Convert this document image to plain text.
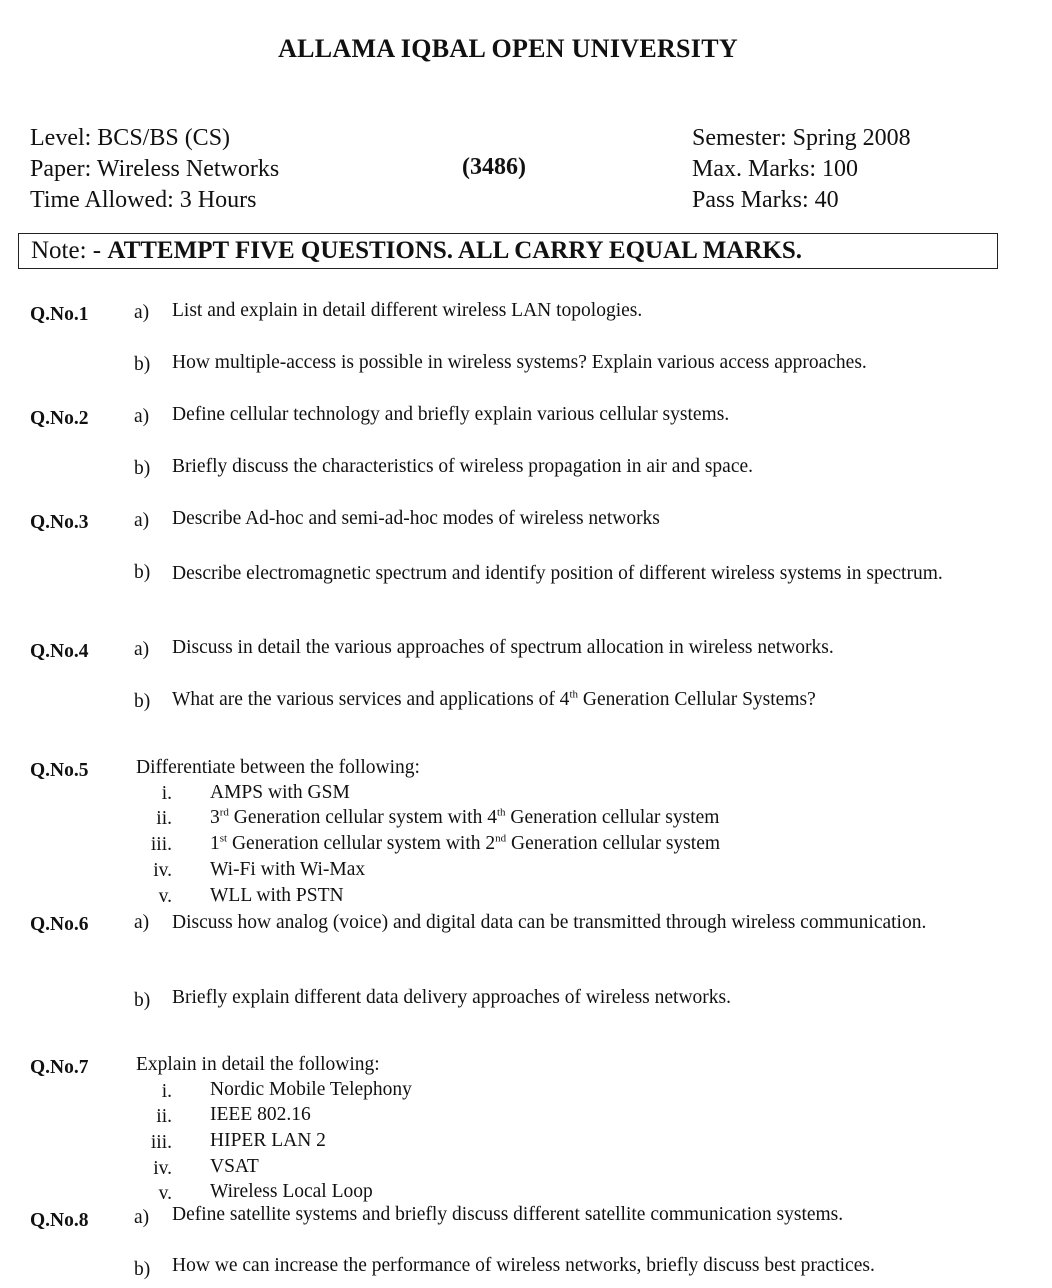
ALLAMA IQBAL OPEN UNIVERSITY
Level: BCS/BS (CS)
Paper: Wireless Networks
Time Allowed: 3 Hours
(3486)
Semester: Spring 2008
Max. Marks: 100
Pass Marks: 40
Note: - ATTEMPT FIVE QUESTIONS. ALL CARRY EQUAL MARKS.
Q.No.1 a)	List and explain in detail different wireless LAN topologies.
b)	How multiple-access is possible in wireless systems? Explain various access approaches.
Q.No.2 a)	Define cellular technology and briefly explain various cellular systems.
b)	Briefly discuss the characteristics of wireless propagation in air and space.
Q.No.3 a)	Describe Ad-hoc and semi-ad-hoc modes of wireless networks
b)	Describe electromagnetic spectrum and identify position of different wireless systems in spectrum.
Q.No.4 a)	Discuss in detail the various approaches of spectrum allocation in wireless networks.
b)	What are the various services and applications of 4th Generation Cellular Systems?
Q.No.5 Differentiate between the following:
i. AMPS with GSM
ii. 3rd Generation cellular system with 4th Generation cellular system
iii. 1st Generation cellular system with 2nd Generation cellular system
iv. Wi-Fi with Wi-Max
v. WLL with PSTN
Q.No.6 a)	Discuss how analog (voice) and digital data can be transmitted through wireless communication.
b)	Briefly explain different data delivery approaches of wireless networks.
Q.No.7 Explain in detail the following:
i. Nordic Mobile Telephony
ii. IEEE 802.16
iii. HIPER LAN 2
iv. VSAT
v. Wireless Local Loop
Q.No.8 a)	Define satellite systems and briefly discuss different satellite communication systems.
b)	How we can increase the performance of wireless networks, briefly discuss best practices.
